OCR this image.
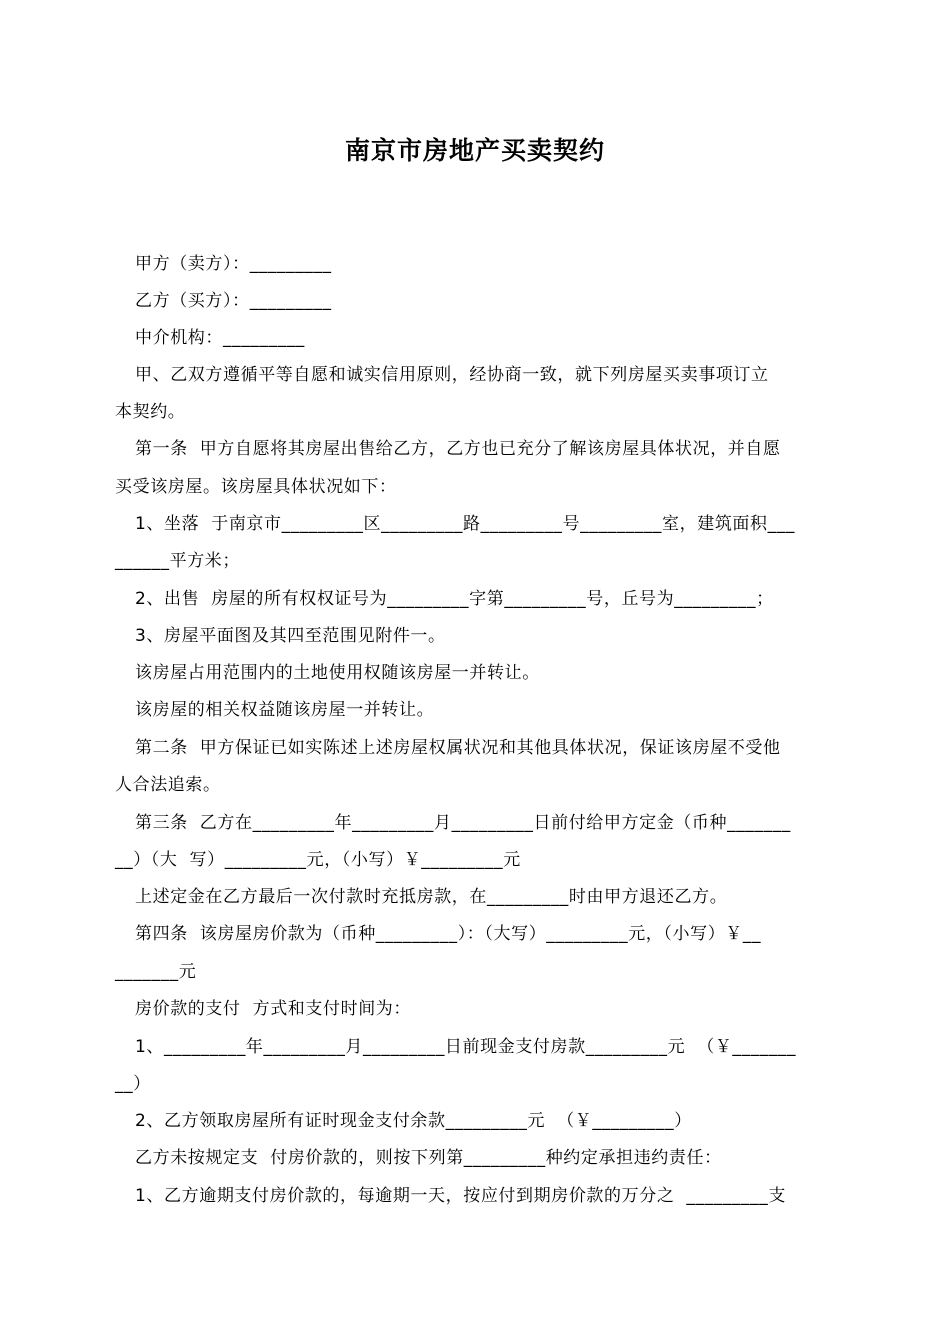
南京市房地产买卖契约
甲方（卖方）：_________
乙方（买方）：_________
中介机构：_________
甲、乙双方遵循平等自愿和诚实信用原则，经协商一致，就下列房屋买卖事项订立
本契约。
第一条  甲方自愿将其房屋出售给乙方，乙方也已充分了解该房屋具体状况，并自愿
买受该房屋。该房屋具体状况如下：
1、坐落  于南京市_________区_________路_________号_________室，建筑面积___
______平方米；
2、出售  房屋的所有权权证号为_________字第_________号，丘号为_________；
3、房屋平面图及其四至范围见附件一。
该房屋占用范围内的土地使用权随该房屋一并转让。
该房屋的相关权益随该房屋一并转让。
第二条  甲方保证已如实陈述上述房屋权属状况和其他具体状况，保证该房屋不受他
人合法追索。
第三条  乙方在_________年_________月_________日前付给甲方定金（币种_______
__）（大  写）_________元，（小写）￥_________元
上述定金在乙方最后一次付款时充抵房款，在_________时由甲方退还乙方。
第四条  该房屋房价款为（币种_________）：（大写）_________元，（小写）￥__
_______元
房价款的支付  方式和支付时间为：
1、_________年_________月_________日前现金支付房款_________元  （￥_______
__）
2、乙方领取房屋所有证时现金支付余款_________元  （￥_________）
乙方未按规定支  付房价款的，则按下列第_________种约定承担违约责任：
1、乙方逾期支付房价款的，每逾期一天，按应付到期房价款的万分之  _________支
